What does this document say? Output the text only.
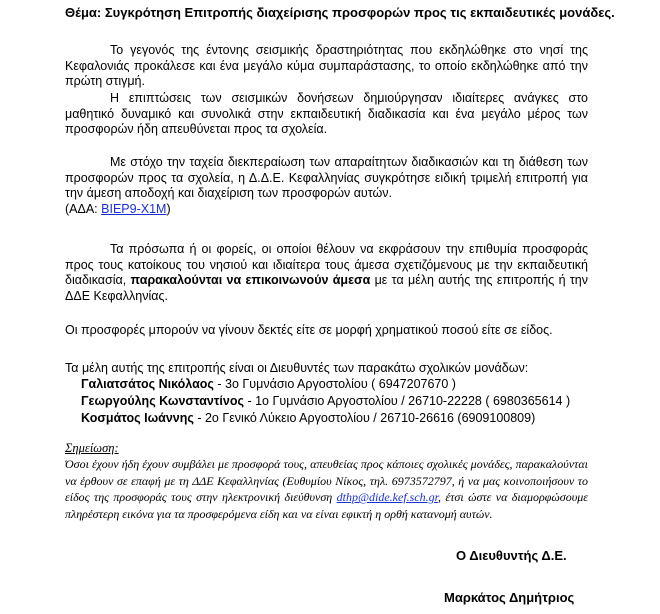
Θέμα: Συγκρότηση Επιτροπής διαχείρισης προσφορών προς τις εκπαιδευτικές μονάδες.
Το γεγονός της έντονης σεισμικής δραστηριότητας που εκδηλώθηκε στο νησί της Κεφαλονιάς προκάλεσε και ένα μεγάλο κύμα συμπαράστασης, το οποίο εκδηλώθηκε από την πρώτη στιγμή.
Η επιπτώσεις των σεισμικών δονήσεων δημιούργησαν ιδιαίτερες ανάγκες στο μαθητικό δυναμικό και συνολικά στην εκπαιδευτική διαδικασία και ένα μεγάλο μέρος των προσφορών ήδη απευθύνεται προς τα σχολεία.
Με στόχο την ταχεία διεκπεραίωση των απαραίτητων διαδικασιών και τη διάθεση των προσφορών προς τα σχολεία, η Δ.Δ.Ε. Κεφαλληνίας συγκρότησε ειδική τριμελή επιτροπή για την άμεση αποδοχή και διαχείριση των προσφορών αυτών.
(ΑΔΑ: ΒΙΕΡ9-Χ1Μ)
Τα πρόσωπα ή οι φορείς, οι οποίοι θέλουν να εκφράσουν την επιθυμία προσφοράς προς τους κατοίκους του νησιού και ιδιαίτερα τους άμεσα σχετιζόμενους με την εκπαιδευτική διαδικασία, παρακαλούνται να επικοινωνούν άμεσα με τα μέλη αυτής της επιτροπής ή την ΔΔΕ Κεφαλληνίας.
Οι προσφορές μπορούν να γίνουν δεκτές είτε σε μορφή χρηματικού ποσού είτε σε είδος.
Τα μέλη αυτής της επιτροπής είναι οι Διευθυντές των παρακάτω σχολικών μονάδων:
Γαλιατσάτος Νικόλαος - 3ο Γυμνάσιο Αργοστολίου ( 6947207670 )
Γεωργούλης Κωνσταντίνος - 1ο Γυμνάσιο Αργοστολίου / 26710-22228 ( 6980365614 )
Κοσμάτος Ιωάννης - 2ο Γενικό Λύκειο Αργοστολίου / 26710-26616 (6909100809)
Σημείωση:
Όσοι έχουν ήδη έχουν συμβάλει με προσφορά τους, απευθείας προς κάποιες σχολικές μονάδες, παρακαλούνται να έρθουν σε επαφή με τη ΔΔΕ Κεφαλληνίας (Ευθυμίου Νίκος, τηλ. 6973572797, ή να μας κοινοποιήσουν το είδος της προσφοράς τους στην ηλεκτρονική διεύθυνση dthp@dide.kef.sch.gr, έτσι ώστε να διαμορφώσουμε πληρέστερη εικόνα για τα προσφερόμενα είδη και να είναι εφικτή η ορθή κατανομή αυτών.
Ο Διευθυντής Δ.Ε.
Μαρκάτος Δημήτριος
